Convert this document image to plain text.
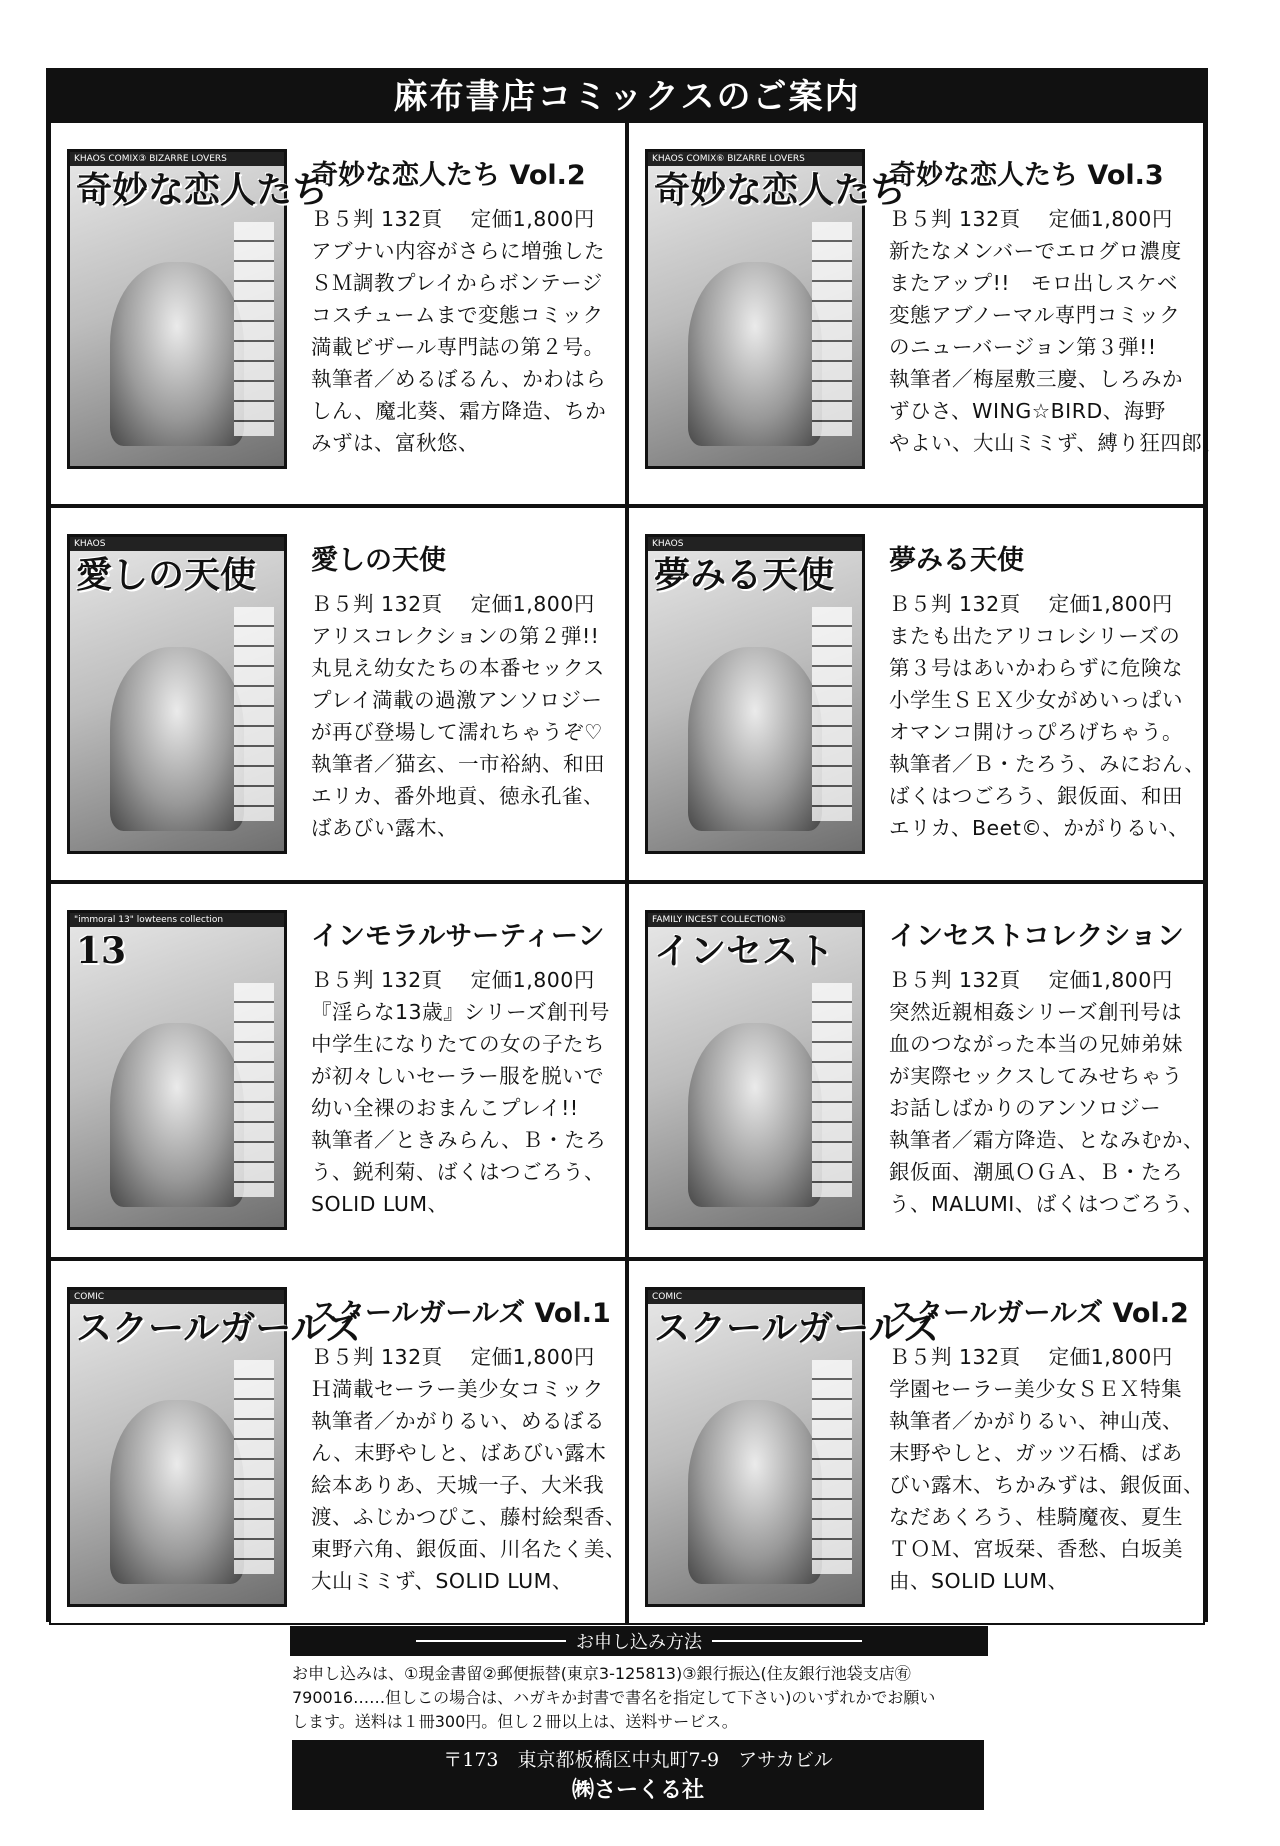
麻布書店コミックスのご案内
KHAOS COMIX③ BIZARRE LOVERS
奇妙な恋人たち
奇妙な恋人たち Vol.2
Ｂ５判 132頁　 定価1,800円
アブナい内容がさらに増強した
ＳＭ調教プレイからボンテージ
コスチュームまで変態コミック
満載ビザール専門誌の第２号。
執筆者／めるぼるん、かわはら
しん、魔北葵、霜方降造、ちか
みずは、富秋悠、
KHAOS COMIX⑥ BIZARRE LOVERS
奇妙な恋人たち
奇妙な恋人たち Vol.3
Ｂ５判 132頁　 定価1,800円
新たなメンバーでエログロ濃度
またアップ!!　モロ出しスケベ
変態アブノーマル専門コミック
のニューバージョン第３弾!!
執筆者／梅屋敷三慶、しろみか
ずひさ、WING☆BIRD、海野
やよい、大山ミミず、縛り狂四郎、
KHAOS
愛しの天使	愛しの天使
Ｂ５判 132頁　 定価1,800円
アリスコレクションの第２弾!!
丸見え幼女たちの本番セックス
プレイ満載の過激アンソロジー
が再び登場して濡れちゃうぞ♡
執筆者／猫玄、一市裕納、和田
エリカ、番外地貢、徳永孔雀、
ばあびい露木、
KHAOS
夢みる天使	夢みる天使
Ｂ５判 132頁　 定価1,800円
またも出たアリコレシリーズの
第３号はあいかわらずに危険な
小学生ＳＥＸ少女がめいっぱい
オマンコ開けっぴろげちゃう。
執筆者／Ｂ・たろう、みにおん、
ばくはつごろう、銀仮面、和田
エリカ、Beet©、かがりるい、
"immoral 13" lowteens collection
13	インモラルサーティーン
Ｂ５判 132頁　 定価1,800円
『淫らな13歳』シリーズ創刊号
中学生になりたての女の子たち
が初々しいセーラー服を脱いで
幼い全裸のおまんこプレイ!!
執筆者／ときみらん、Ｂ・たろ
う、鋭利菊、ばくはつごろう、
SOLID LUM、
FAMILY INCEST COLLECTION①
インセスト	インセストコレクション
Ｂ５判 132頁　 定価1,800円
突然近親相姦シリーズ創刊号は
血のつながった本当の兄姉弟妹
が実際セックスしてみせちゃう
お話しばかりのアンソロジー
執筆者／霜方降造、となみむか、
銀仮面、潮風ＯＧＡ、Ｂ・たろ
う、MALUMI、ばくはつごろう、
COMIC
スクールガールズ
スクールガールズ Vol.1
Ｂ５判 132頁　 定価1,800円
Ｈ満載セーラー美少女コミック
執筆者／かがりるい、めるぼる
ん、末野やしと、ばあびい露木
絵本ありあ、天城一子、大米我
渡、ふじかつぴこ、藤村絵梨香、
東野六角、銀仮面、川名たく美、
大山ミミず、SOLID LUM、
COMIC
スクールガールズ
スクールガールズ Vol.2
Ｂ５判 132頁　 定価1,800円
学園セーラー美少女ＳＥＸ特集
執筆者／かがりるい、神山茂、
末野やしと、ガッツ石橋、ばあ
びい露木、ちかみずは、銀仮面、
なだあくろう、桂騎魔夜、夏生
ＴＯＭ、宮坂栞、香愁、白坂美
由、SOLID LUM、
お申し込み方法
お申し込みは、①現金書留②郵便振替(東京3-125813)③銀行振込(住友銀行池袋支店㊒
790016……但しこの場合は、ハガキか封書で書名を指定して下さい)のいずれかでお願い
します。送料は１冊300円。但し２冊以上は、送料サービス。
〒173　東京都板橋区中丸町7-9　アサカビル
㈱さーくる社
